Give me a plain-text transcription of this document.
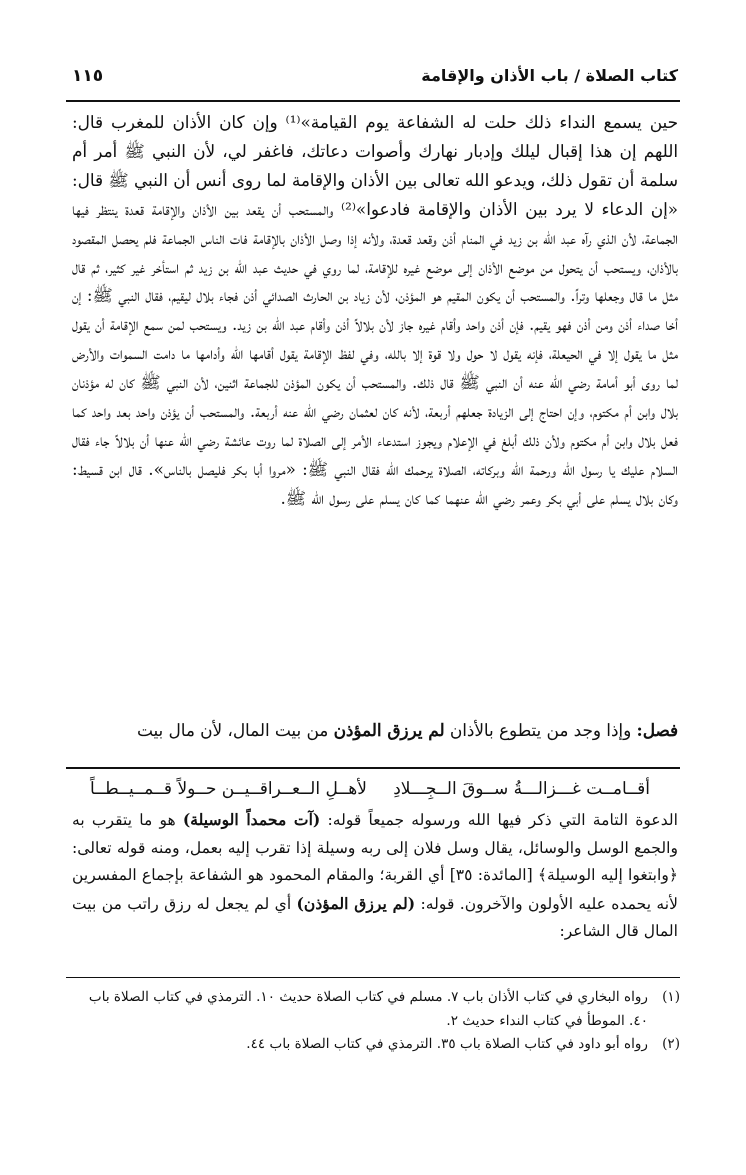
كتاب الصلاة / باب الأذان والإقامة
١١٥

حين يسمع النداء ذلك حلت له الشفاعة يوم القيامة»⁽¹⁾ وإن كان الأذان للمغرب قال: اللهم إن هذا إقبال ليلك وإدبار نهارك وأصوات دعاتك، فاغفر لي، لأن النبي ﷺ أمر أم سلمة أن تقول ذلك، ويدعو الله تعالى بين الأذان والإقامة لما روى أنس أن النبي ﷺ قال: «إن الدعاء لا يرد بين الأذان والإقامة فادعوا»⁽²⁾ والمستحب أن يقعد بين الأذان والإقامة قعدة ينتظر فيها الجماعة، لأن الذي رآه عبد الله بن زيد في المنام أذن وقعد قعدة، ولأنه إذا وصل الأذان بالإقامة فات الناس الجماعة فلم يحصل المقصود بالأذان، ويستحب أن يتحول من موضع الأذان إلى موضع غيره للإقامة، لما روي في حديث عبد الله بن زيد ثم استأخر غير كثير، ثم قال مثل ما قال وجعلها وتراً. والمستحب أن يكون المقيم هو المؤذن، لأن زياد بن الحارث الصدائي أذن فجاء بلال ليقيم، فقال النبي ﷺ: إن أخا صداء أذن ومن أذن فهو يقيم. فإن أذن واحد وأقام غيره جاز لأن بلالاً أذن وأقام عبد الله بن زيد. ويستحب لمن سمع الإقامة أن يقول مثل ما يقول إلا في الحيعلة، فإنه يقول لا حول ولا قوة إلا بالله، وفي لفظ الإقامة يقول أقامها الله وأدامها ما دامت السموات والأرض لما روى أبو أمامة رضي الله عنه أن النبي ﷺ قال ذلك. والمستحب أن يكون المؤذن للجماعة اثنين، لأن النبي ﷺ كان له مؤذنان بلال وابن أم مكتوم، وإن احتاج إلى الزيادة جعلهم أربعة، لأنه كان لعثمان رضي الله عنه أربعة. والمستحب أن يؤذن واحد بعد واحد كما فعل بلال وابن أم مكتوم ولأن ذلك أبلغ في الإعلام ويجوز استدعاء الأمر إلى الصلاة لما روت عائشة رضي الله عنها أن بلالاً جاء فقال السلام عليك يا رسول الله ورحمة الله وبركاته، الصلاة يرحمك الله فقال النبي ﷺ: «مروا أبا بكر فليصل بالناس». قال ابن قسيط: وكان بلال يسلم على أبي بكر وعمر رضي الله عنهما كما كان يسلم على رسول الله ﷺ.

فصل: وإذا وجد من يتطوع بالأذان لم يرزق المؤذن من بيت المال، لأن مال بيت
أقــامــت غـــزالـــةُ ســوقَ الــجِـــلادِ
لأهــلِ الــعــراقــيــن حــولاً قــمــيــطــاً

الدعوة التامة التي ذكر فيها الله ورسوله جميعاً قوله: (آت محمداً الوسيلة) هو ما يتقرب به والجمع الوسل والوسائل، يقال وسل فلان إلى ربه وسيلة إذا تقرب إليه بعمل، ومنه قوله تعالى: ﴿وابتغوا إليه الوسيلة﴾ [المائدة: ٣٥] أي القربة؛ والمقام المحمود هو الشفاعة بإجماع المفسرين لأنه يحمده عليه الأولون والآخرون. قوله: (لم يرزق المؤذن) أي لم يجعل له رزق راتب من بيت المال قال الشاعر:

(١)
رواه البخاري في كتاب الأذان باب ٧. مسلم في كتاب الصلاة حديث ١٠. الترمذي في كتاب الصلاة باب ٤٠. الموطأ في كتاب النداء حديث ٢.
(٢)
رواه أبو داود في كتاب الصلاة باب ٣٥. الترمذي في كتاب الصلاة باب ٤٤.
